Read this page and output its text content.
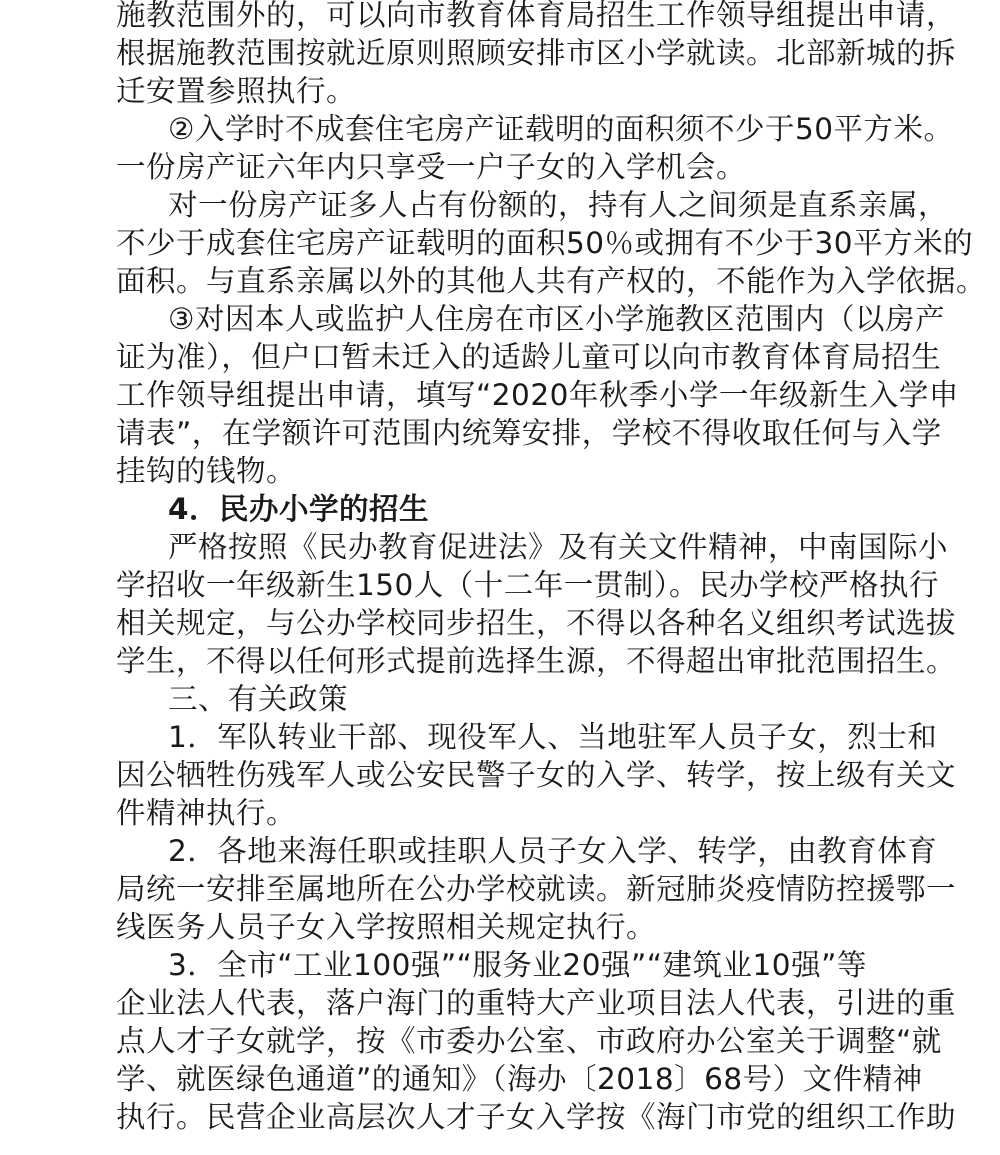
施教范围外的，可以向市教育体育局招生工作领导组提出申请，
根据施教范围按就近原则照顾安排市区小学就读。北部新城的拆
迁安置参照执行。
②入学时不成套住宅房产证载明的面积须不少于50平方米。
一份房产证六年内只享受一户子女的入学机会。
对一份房产证多人占有份额的，持有人之间须是直系亲属，
不少于成套住宅房产证载明的面积50％或拥有不少于30平方米的
面积。与直系亲属以外的其他人共有产权的，不能作为入学依据。
③对因本人或监护人住房在市区小学施教区范围内（以房产
证为准），但户口暂未迁入的适龄儿童可以向市教育体育局招生
工作领导组提出申请，填写“2020年秋季小学一年级新生入学申
请表”，在学额许可范围内统筹安排，学校不得收取任何与入学
挂钩的钱物。
4．民办小学的招生
严格按照《民办教育促进法》及有关文件精神，中南国际小
学招收一年级新生150人（十二年一贯制）。民办学校严格执行
相关规定，与公办学校同步招生，不得以各种名义组织考试选拔
学生，不得以任何形式提前选择生源，不得超出审批范围招生。
三、有关政策
1．军队转业干部、现役军人、当地驻军人员子女，烈士和
因公牺牲伤残军人或公安民警子女的入学、转学，按上级有关文
件精神执行。
2．各地来海任职或挂职人员子女入学、转学，由教育体育
局统一安排至属地所在公办学校就读。新冠肺炎疫情防控援鄂一
线医务人员子女入学按照相关规定执行。
3．全市“工业100强”“服务业20强”“建筑业10强”等
企业法人代表，落户海门的重特大产业项目法人代表，引进的重
点人才子女就学，按《市委办公室、市政府办公室关于调整“就
学、就医绿色通道”的通知》（海办〔2018〕68号）文件精神
执行。民营企业高层次人才子女入学按《海门市党的组织工作助
